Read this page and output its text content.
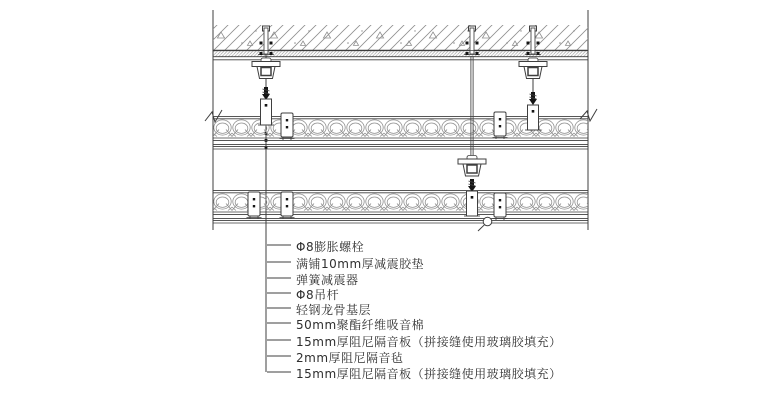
Φ8膨胀螺栓
满铺10mm厚减震胶垫
弹簧减震器
Φ8吊杆
轻钢龙骨基层
50mm聚酯纤维吸音棉
15mm厚阻尼隔音板（拼接缝使用玻璃胶填充）
2mm厚阻尼隔音毡
15mm厚阻尼隔音板（拼接缝使用玻璃胶填充）
